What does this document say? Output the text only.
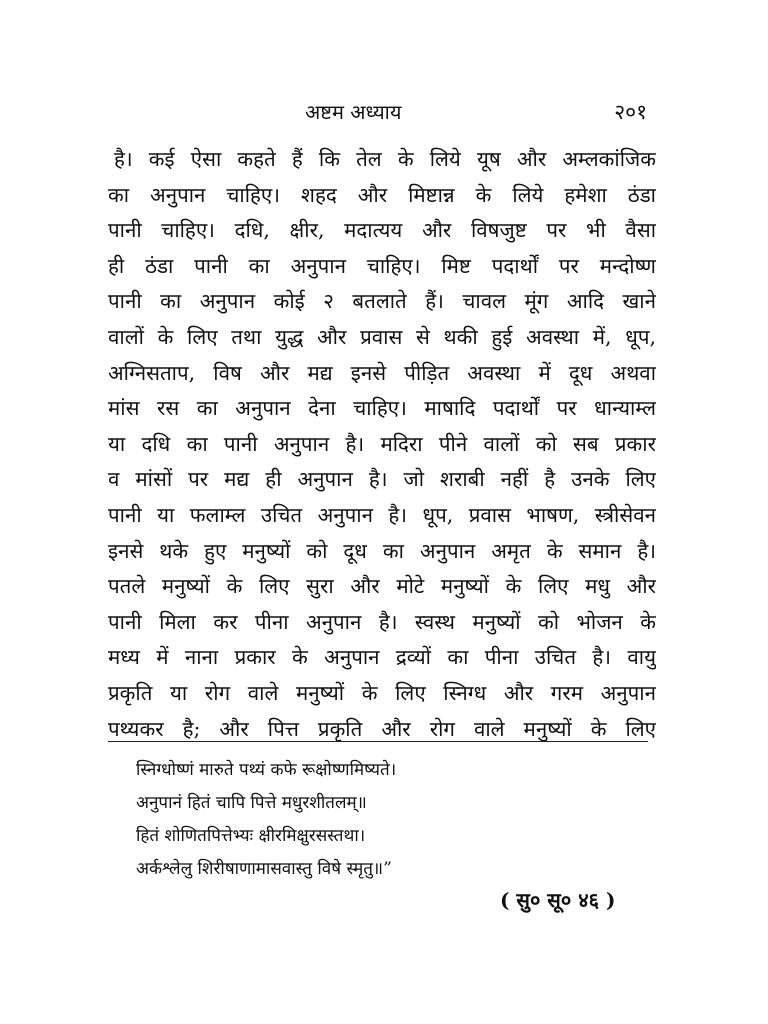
अष्टम अध्याय	२०१
है। कई ऐसा कहते हैं कि तेल के लिये यूष और अम्लकांजिक
का अनुपान चाहिए। शहद और मिष्टान्न के लिये हमेशा ठंडा
पानी चाहिए। दधि, क्षीर, मदात्यय और विषजुष्ट पर भी वैसा
ही ठंडा पानी का अनुपान चाहिए। मिष्ट पदार्थों पर मन्दोष्ण
पानी का अनुपान कोई २ बतलाते हैं। चावल मूंग आदि खाने
वालों के लिए तथा युद्ध और प्रवास से थकी हुई अवस्था में, धूप,
अग्निसताप, विष और मद्य इनसे पीड़ित अवस्था में दूध अथवा
मांस रस का अनुपान देना चाहिए। माषादि पदार्थों पर धान्याम्ल
या दधि का पानी अनुपान है। मदिरा पीने वालों को सब प्रकार
व मांसों पर मद्य ही अनुपान है। जो शराबी नहीं है उनके लिए
पानी या फलाम्ल उचित अनुपान है। धूप, प्रवास भाषण, स्त्रीसेवन
इनसे थके हुए मनुष्यों को दूध का अनुपान अमृत के समान है।
पतले मनुष्यों के लिए सुरा और मोटे मनुष्यों के लिए मधु और
पानी मिला कर पीना अनुपान है। स्वस्थ मनुष्यों को भोजन के
मध्य में नाना प्रकार के अनुपान द्रव्यों का पीना उचित है। वायु
प्रकृति या रोग वाले मनुष्यों के लिए स्निग्ध और गरम अनुपान
पथ्यकर है; और पित्त प्रकृति और रोग वाले मनुष्यों के लिए
स्निग्धोष्णं मारुते पथ्यं कफे रूक्षोष्णमिष्यते।
अनुपानं हितं चापि पित्ते मधुरशीतलम्॥
हितं शोणितपित्तेभ्यः क्षीरमिक्षुरसस्तथा।
अर्कश्लेलु शिरीषाणामासवास्तु विषे स्मृतु॥”
( सु० सू० ४६ )
